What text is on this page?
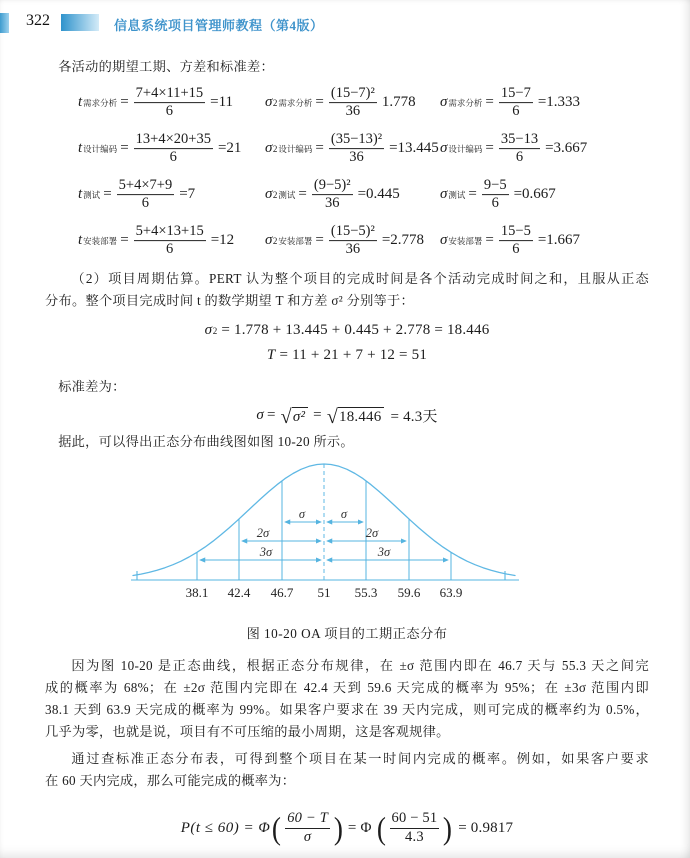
322	信息系统项目管理师教程（第4版）

各活动的期望工期、方差和标准差：

t 需求分析 = $\frac{7+4\times 11+15}{6} =11$ σ 2 需求分析 = $\frac{\text{(15−7)²}}{36} 1.778$ σ 需求分析 = $\frac{15-7}{6} =1.333$
t 设计编码 = $\frac{13+4\times 20+35}{6} =21$ σ 2 设计编码 = $\frac{\text{(35−13)²}}{36} =13.445$ σ 设计编码 = $\frac{35-13}{6} =3.667$
t 测试 = $\frac{5+4\times 7+9}{6} =7$	σ 2 测试 = $\frac{\text{(9−5)²}}{36} =0.445$	σ 测试 = $\frac{9-5}{6} =0.667$
t 安装部署 = $\frac{5+4\times 13+15}{6} =12$ σ 2 安装部署 = $\frac{\text{(15−5)²}}{36} =2.778$ σ 安装部署 = $\frac{15-5}{6} =1.667$
（2）项目周期估算。PERT 认为整个项目的完成时间是各个活动完成时间之和，且服从正态
分布。整个项目完成时间 t 的数学期望 T 和方差 σ² 分别等于：
σ 2 = 1.778 + 13.445 + 0.445 + 2.778 = 18.446
T = 11 + 21 + 7 + 12 = 51

标准差为：

σ = √ σ² = √ 18.446 = 4.3天

据此，可以得出正态分布曲线图如图 10-20 所示。

σ	σ
2σ	2σ
3σ	3σ
38.1 42.4 46.7 51 55.3 59.6 63.9

图 10-20 OA 项目的工期正态分布

因为图 10-20 是正态曲线，根据正态分布规律，在 ±σ 范围内即在 46.7 天与 55.3 天之间完
成的概率为 68%；在 ±2σ 范围内完即在 42.4 天到 59.6 天完成的概率为 95%；在 ±3σ 范围内即
38.1 天到 63.9 天完成的概率为 99%。如果客户要求在 39 天内完成，则可完成的概率约为 0.5%，
几乎为零，也就是说，项目有不可压缩的最小周期，这是客观规律。
通过查标准正态分布表，可得到整个项目在某一时间内完成的概率。例如，如果客户要求
在 60 天内完成，那么可能完成的概率为：
P(t ≤ 60) = Φ ( $\frac{60 - T}{\sigma}$ ) = Φ ( $\frac{60 - 51}{4.3}$ ) = 0.9817
